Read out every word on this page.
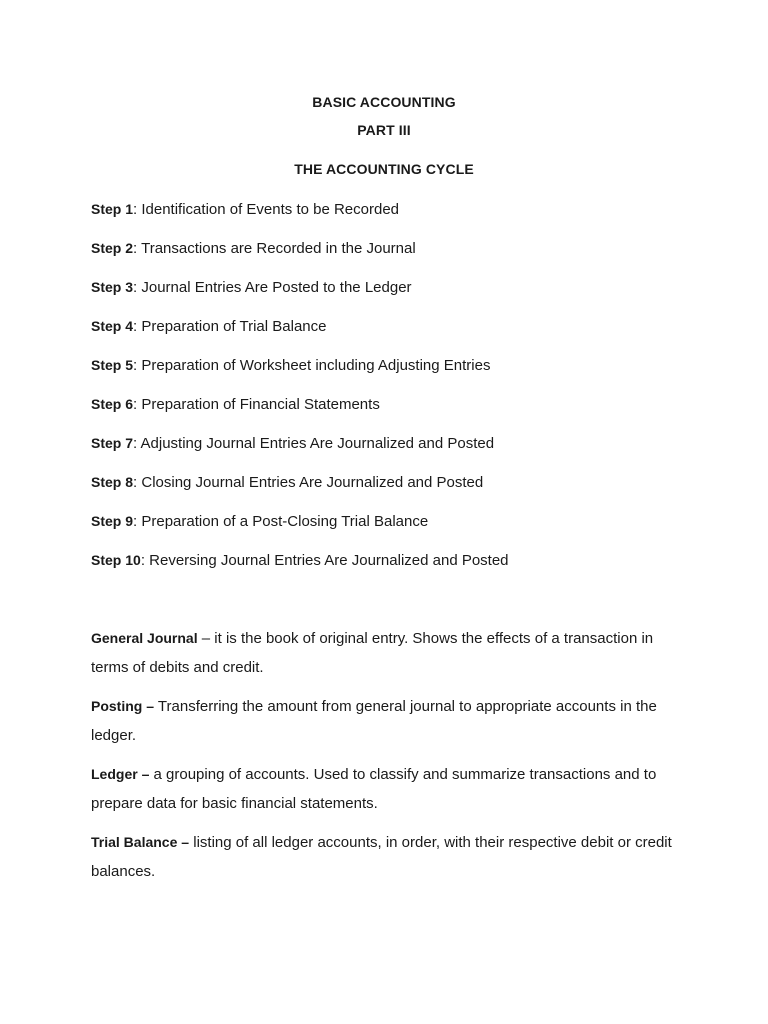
BASIC ACCOUNTING
PART III
THE ACCOUNTING CYCLE
Step 1: Identification of Events to be Recorded
Step 2: Transactions are Recorded in the Journal
Step 3: Journal Entries Are Posted to the Ledger
Step 4: Preparation of Trial Balance
Step 5: Preparation of Worksheet including Adjusting Entries
Step 6: Preparation of Financial Statements
Step 7: Adjusting Journal Entries Are Journalized and Posted
Step 8: Closing Journal Entries Are Journalized and Posted
Step 9: Preparation of a Post-Closing Trial Balance
Step 10: Reversing Journal Entries Are Journalized and Posted

General Journal – it is the book of original entry. Shows the effects of a transaction in terms of debits and credit.

Posting – Transferring the amount from general journal to appropriate accounts in the ledger.

Ledger – a grouping of accounts. Used to classify and summarize transactions and to prepare data for basic financial statements.

Trial Balance – listing of all ledger accounts, in order, with their respective debit or credit balances.
